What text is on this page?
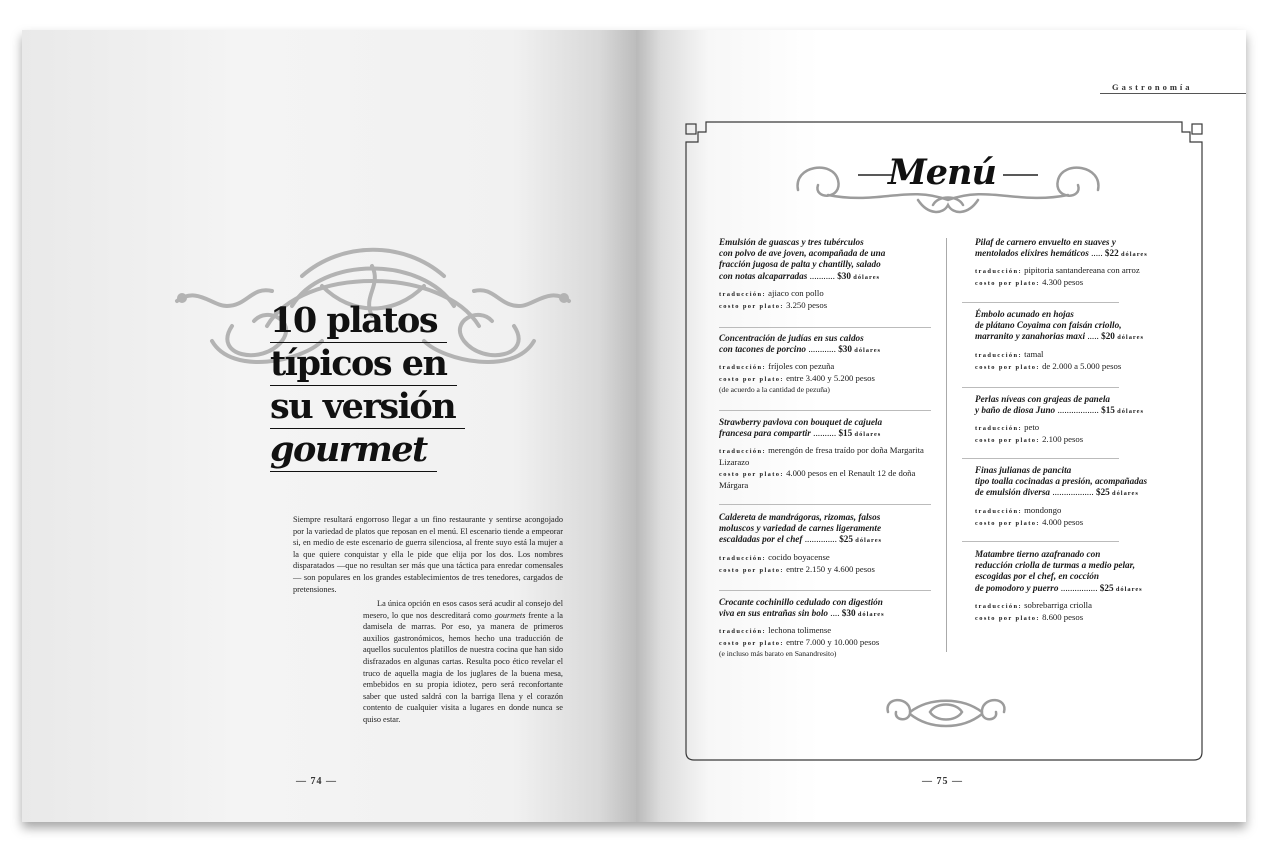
10 platos
típicos en
su versión
gourmet

Siempre resultará engorroso llegar a un fino restaurante y sentirse acongojado por la variedad de platos que reposan en el menú. El escenario tiende a empeorar si, en medio de este escenario de guerra silenciosa, al frente suyo está la mujer a la que quiere conquistar y ella le pide que elija por los dos. Los nombres disparatados —que no resultan ser más que una táctica para enredar comensales— son populares en los grandes establecimientos de tres tenedores, cargados de pretensiones.

La única opción en esos casos será acudir al consejo del mesero, lo que nos descreditará como gourmets frente a la damisela de marras. Por eso, ya manera de primeros auxilios gastronómicos, hemos hecho una traducción de aquellos suculentos platillos de nuestra cocina que han sido disfrazados en algunas cartas. Resulta poco ético revelar el truco de aquella magia de los juglares de la buena mesa, embebidos en su propia idiotez, pero será reconfortante saber que usted saldrá con la barriga llena y el corazón contento de cualquier visita a lugares en donde nunca se quiso estar.

— 74 —
Gastronomía
Menú
Emulsión de guascas y tres tubérculos
con polvo de ave joven, acompañada de una
fracción jugosa de palta y chantilly, salado
con notas alcaparradas ........... $30 dólares
traducción: ajiaco con pollo
costo por plato: 3.250 pesos
Concentración de judías en sus caldos
con tacones de porcino ............ $30 dólares
traducción: fríjoles con pezuña
costo por plato: entre 3.400 y 5.200 pesos
(de acuerdo a la cantidad de pezuña)
Strawberry pavlova con bouquet de cajuela
francesa para compartir .......... $15 dólares
traducción: merengón de fresa traído por doña Margarita Lizarazo
costo por plato: 4.000 pesos en el Renault 12 de doña Márgara
Caldereta de mandrágoras, rizomas, falsos
moluscos y variedad de carnes ligeramente
escaldadas por el chef .............. $25 dólares
traducción: cocido boyacense
costo por plato: entre 2.150 y 4.600 pesos
Crocante cochinillo cedulado con digestión
viva en sus entrañas sin bolo .... $30 dólares
traducción: lechona tolimense
costo por plato: entre 7.000 y 10.000 pesos
(e incluso más barato en Sanandresito)
Pilaf de carnero envuelto en suaves y
mentolados elíxires hemáticos ..... $22 dólares
traducción: pipitoria santandereana con arroz
costo por plato: 4.300 pesos
Émbolo acunado en hojas
de plátano Coyaima con faisán criollo,
marranito y zanahorias maxi ..... $20 dólares
traducción: tamal
costo por plato: de 2.000 a 5.000 pesos
Perlas níveas con grajeas de panela
y baño de diosa Juno .................. $15 dólares
traducción: peto
costo por plato: 2.100 pesos
Finas julianas de pancita
tipo toalla cocinadas a presión, acompañadas
de emulsión diversa .................. $25 dólares
traducción: mondongo
costo por plato: 4.000 pesos
Matambre tierno azafranado con
reducción criolla de turmas a medio pelar,
escogidas por el chef, en cocción
de pomodoro y puerro ................ $25 dólares
traducción: sobrebarriga criolla
costo por plato: 8.600 pesos
— 75 —
